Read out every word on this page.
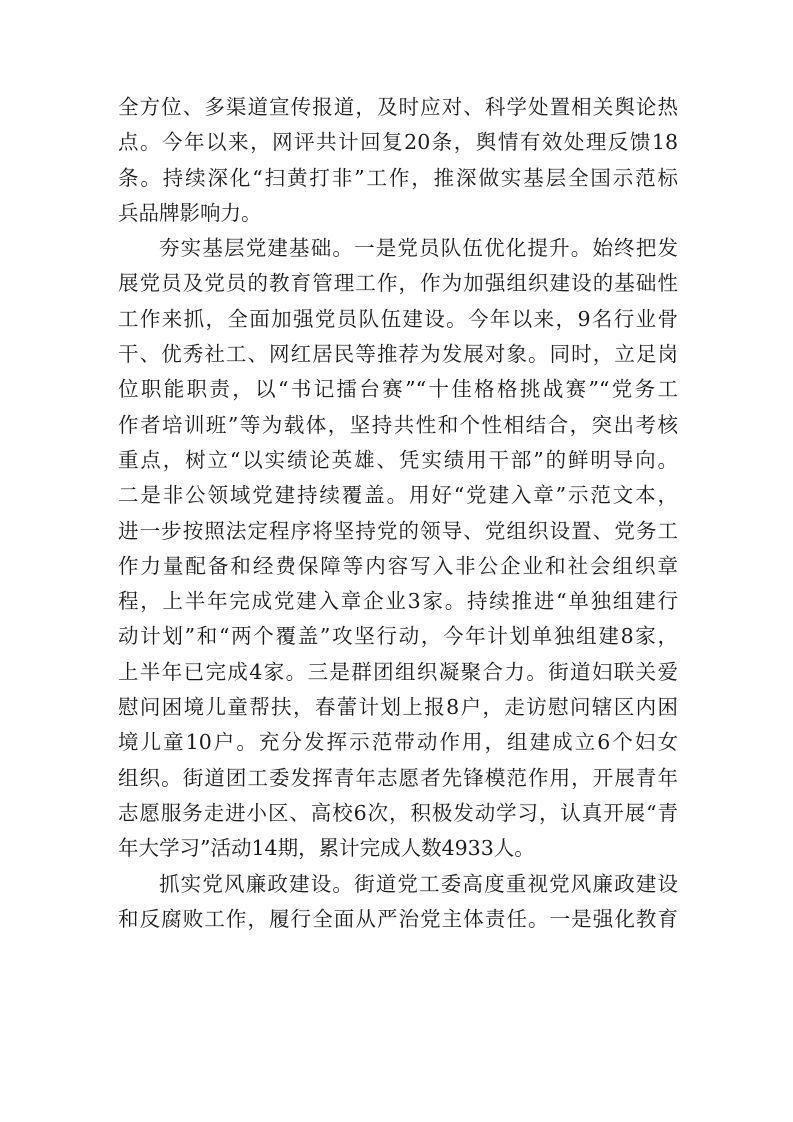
全方位、多渠道宣传报道，及时应对、科学处置相关舆论热
点。今年以来，网评共计回复20条，舆情有效处理反馈18
条。持续深化“扫黄打非”工作，推深做实基层全国示范标
兵品牌影响力。
夯实基层党建基础。一是党员队伍优化提升。始终把发
展党员及党员的教育管理工作，作为加强组织建设的基础性
工作来抓，全面加强党员队伍建设。今年以来，9名行业骨
干、优秀社工、网红居民等推荐为发展对象。同时，立足岗
位职能职责，以“书记擂台赛”“十佳格格挑战赛”“党务工
作者培训班”等为载体，坚持共性和个性相结合，突出考核
重点，树立“以实绩论英雄、凭实绩用干部”的鲜明导向。
二是非公领域党建持续覆盖。用好“党建入章”示范文本，
进一步按照法定程序将坚持党的领导、党组织设置、党务工
作力量配备和经费保障等内容写入非公企业和社会组织章
程，上半年完成党建入章企业3家。持续推进“单独组建行
动计划”和“两个覆盖”攻坚行动，今年计划单独组建8家，
上半年已完成4家。三是群团组织凝聚合力。街道妇联关爱
慰问困境儿童帮扶，春蕾计划上报8户，走访慰问辖区内困
境儿童10户。充分发挥示范带动作用，组建成立6个妇女
组织。街道团工委发挥青年志愿者先锋模范作用，开展青年
志愿服务走进小区、高校6次，积极发动学习，认真开展“青
年大学习”活动14期，累计完成人数4933人。
抓实党风廉政建设。街道党工委高度重视党风廉政建设
和反腐败工作，履行全面从严治党主体责任。一是强化教育
